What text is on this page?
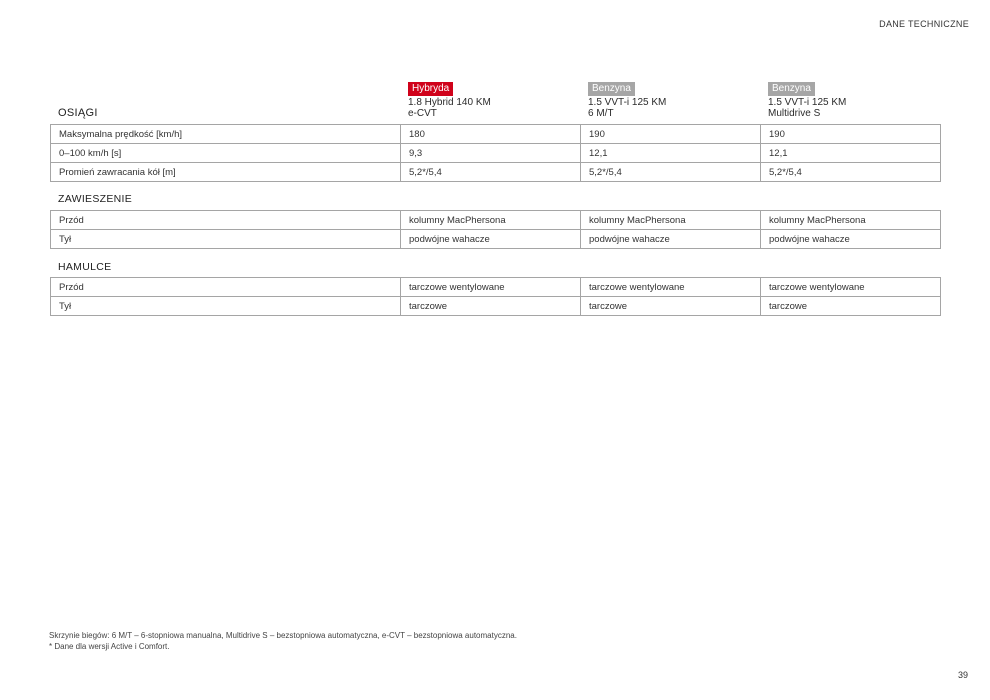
DANE TECHNICZNE
Hybryda
1.8 Hybrid 140 KM
e-CVT
Benzyna
1.5 VVT-i 125 KM
6 M/T
Benzyna
1.5 VVT-i 125 KM
Multidrive S
OSIĄGI
Maksymalna prędkość [km/h]	180	190	190
0–100 km/h [s]	9,3	12,1	12,1
Promień zawracania kół [m]	5,2*/5,4	5,2*/5,4	5,2*/5,4
ZAWIESZENIE
Przód	kolumny MacPhersona	kolumny MacPhersona	kolumny MacPhersona
Tył	podwójne wahacze	podwójne wahacze	podwójne wahacze
HAMULCE
Przód	tarczowe wentylowane	tarczowe wentylowane	tarczowe wentylowane
Tył	tarczowe	tarczowe	tarczowe
Skrzynie biegów: 6 M/T – 6-stopniowa manualna, Multidrive S – bezstopniowa automatyczna, e-CVT – bezstopniowa automatyczna.
* Dane dla wersji Active i Comfort.
39
